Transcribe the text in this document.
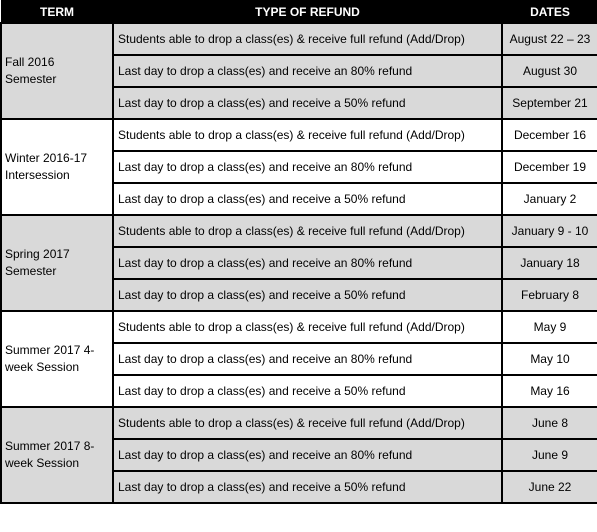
TERM	TYPE OF REFUND	DATES
Fall 2016 Semester	Students able to drop a class(es) & receive full refund (Add/Drop)	August 22 – 23
	Last day to drop a class(es) and receive an 80% refund	August 30
	Last day to drop a class(es) and receive a 50% refund	September 21
Winter 2016-17 Intersession	Students able to drop a class(es) & receive full refund (Add/Drop)	December 16
	Last day to drop a class(es) and receive an 80% refund	December 19
	Last day to drop a class(es) and receive a 50% refund	January 2
Spring 2017 Semester	Students able to drop a class(es) & receive full refund (Add/Drop)	January 9 - 10
	Last day to drop a class(es) and receive an 80% refund	January 18
	Last day to drop a class(es) and receive a 50% refund	February 8
Summer 2017 4-week Session	Students able to drop a class(es) & receive full refund (Add/Drop)	May 9
	Last day to drop a class(es) and receive an 80% refund	May 10
	Last day to drop a class(es) and receive a 50% refund	May 16
Summer 2017 8-week Session	Students able to drop a class(es) & receive full refund (Add/Drop)	June 8
	Last day to drop a class(es) and receive an 80% refund	June 9
	Last day to drop a class(es) and receive a 50% refund	June 22
